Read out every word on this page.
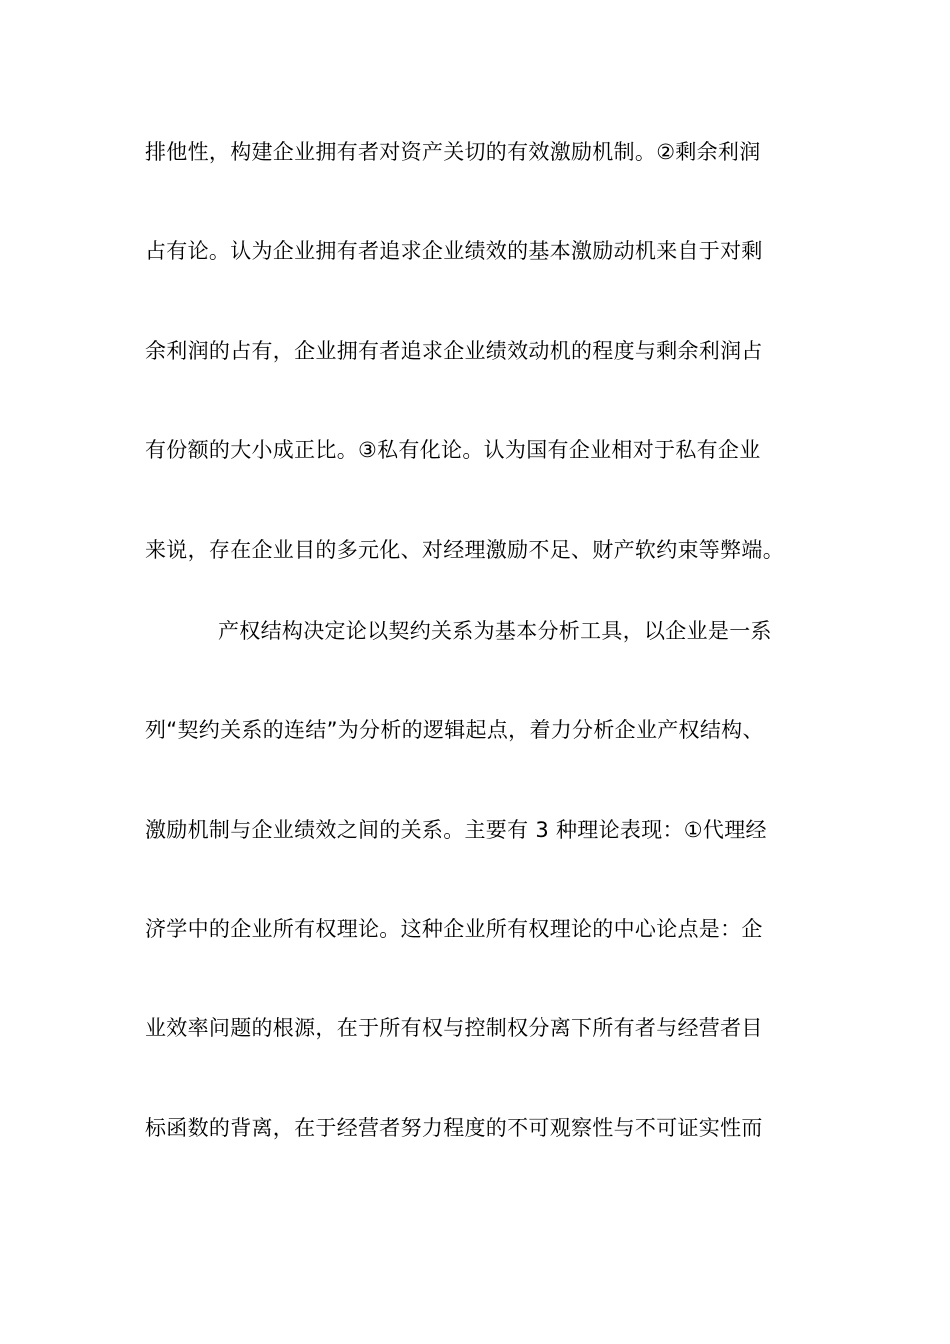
排他性，构建企业拥有者对资产关切的有效激励机制。②剩余利润
占有论。认为企业拥有者追求企业绩效的基本激励动机来自于对剩
余利润的占有，企业拥有者追求企业绩效动机的程度与剩余利润占
有份额的大小成正比。③私有化论。认为国有企业相对于私有企业
来说，存在企业目的多元化、对经理激励不足、财产软约束等弊端。
产权结构决定论以契约关系为基本分析工具，以企业是一系
列“契约关系的连结”为分析的逻辑起点，着力分析企业产权结构、
激励机制与企业绩效之间的关系。主要有 3 种理论表现：①代理经
济学中的企业所有权理论。这种企业所有权理论的中心论点是：企
业效率问题的根源，在于所有权与控制权分离下所有者与经营者目
标函数的背离，在于经营者努力程度的不可观察性与不可证实性而
